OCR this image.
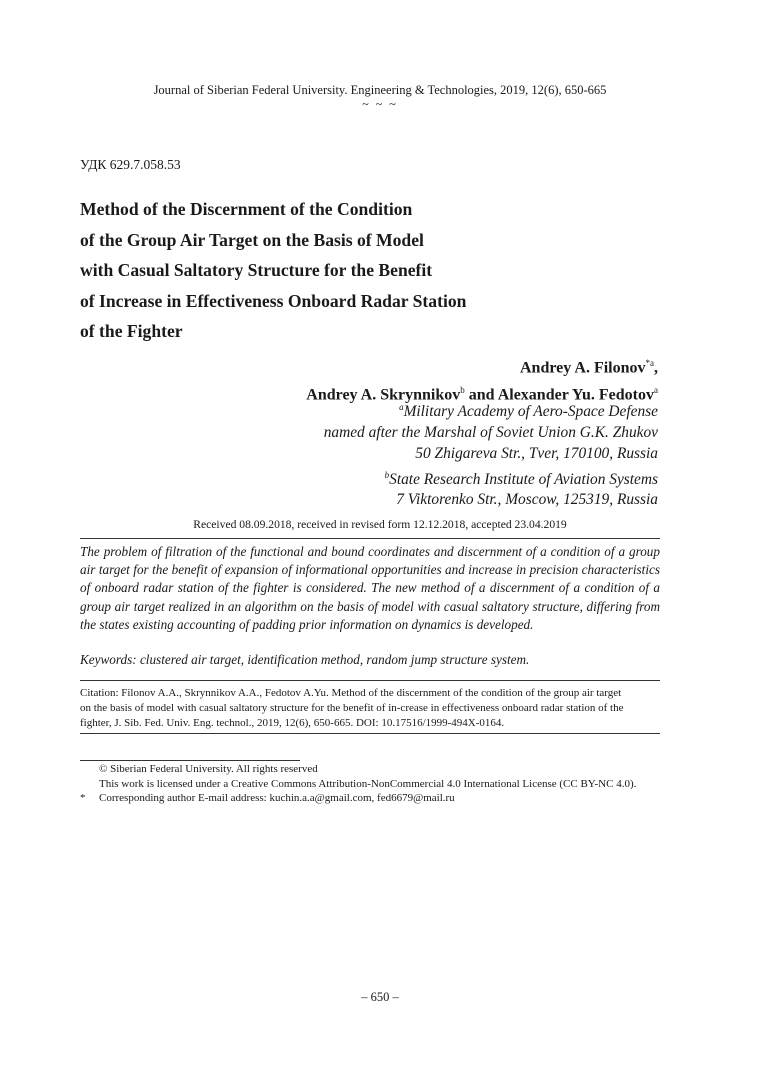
Journal of Siberian Federal University. Engineering & Technologies, 2019, 12(6), 650-665
~ ~ ~
УДК 629.7.058.53
Method of the Discernment of the Condition
of the Group Air Target on the Basis of Model
with Casual Saltatory Structure for the Benefit
of Increase in Effectiveness Onboard Radar Station
of the Fighter
Andrey A. Filonov$^{*a}$,
Andrey A. Skrynnikov$^b$ and Alexander Yu. Fedotov$^a$
$^a$Military Academy of Aero-Space Defense
named after the Marshal of Soviet Union G.K. Zhukov
50 Zhigareva Str., Tver, 170100, Russia
$^b$State Research Institute of Aviation Systems
7 Viktorenko Str., Moscow, 125319, Russia
Received 08.09.2018, received in revised form 12.12.2018, accepted 23.04.2019
The problem of filtration of the functional and bound coordinates and discernment of a condition of a group air target for the benefit of expansion of informational opportunities and increase in precision characteristics of onboard radar station of the fighter is considered. The new method of a discernment of a condition of a group air target realized in an algorithm on the basis of model with casual saltatory structure, differing from the states existing accounting of padding prior information on dynamics is developed.
Keywords: clustered air target, identification method, random jump structure system.
Citation: Filonov A.A., Skrynnikov A.A., Fedotov A.Yu. Method of the discernment of the condition of the group air target
on the basis of model with casual saltatory structure for the benefit of in-crease in effectiveness onboard radar station of the
fighter, J. Sib. Fed. Univ. Eng. technol., 2019, 12(6), 650-665. DOI: 10.17516/1999-494X-0164.
© Siberian Federal University. All rights reserved
This work is licensed under a Creative Commons Attribution-NonCommercial 4.0 International License (CC BY-NC 4.0).
*	Corresponding author E-mail address: kuchin.a.a@gmail.com, fed6679@mail.ru
– 650 –
